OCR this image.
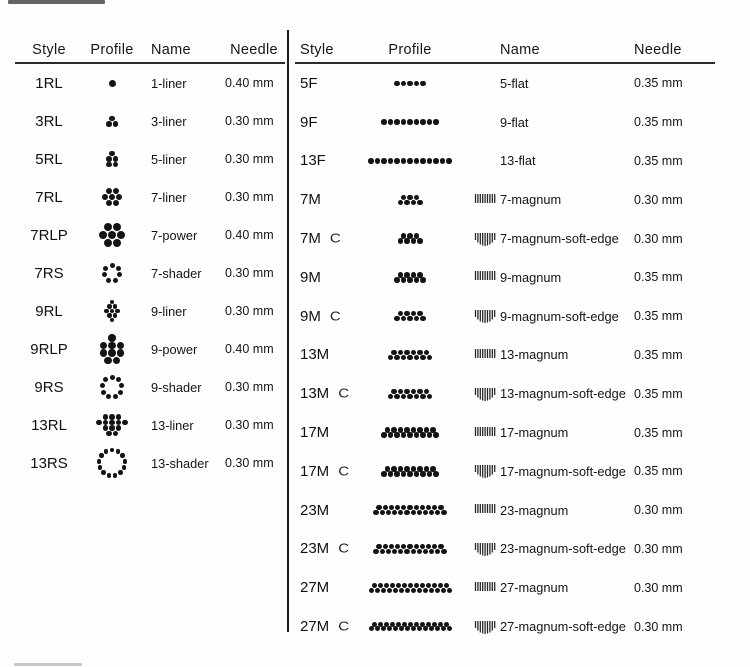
Style	Profile	Name	Needle
1RL	1-liner	0.40 mm
3RL	3-liner	0.30 mm
5RL	5-liner	0.30 mm
7RL	7-liner	0.30 mm
7RLP	7-power	0.40 mm
7RS	7-shader	0.30 mm
9RL	9-liner	0.30 mm
9RLP	9-power	0.40 mm
9RS	9-shader	0.30 mm
13RL	13-liner	0.30 mm
13RS	13-shader	0.30 mm
Style	Profile	Name	Needle
5F	5-flat	0.35 mm
9F	9-flat	0.35 mm
13F	13-flat	0.35 mm
7M	7-magnum	0.30 mm
7M C	7-magnum-soft-edge	0.30 mm
9M	9-magnum	0.35 mm
9M C	9-magnum-soft-edge	0.35 mm
13M	13-magnum	0.35 mm
13M C	13-magnum-soft-edge 0.35 mm
17M	17-magnum	0.35 mm
17M C	17-magnum-soft-edge 0.35 mm
23M	23-magnum	0.30 mm
23M C	23-magnum-soft-edge 0.30 mm
27M	27-magnum	0.30 mm
27M C	27-magnum-soft-edge 0.30 mm
